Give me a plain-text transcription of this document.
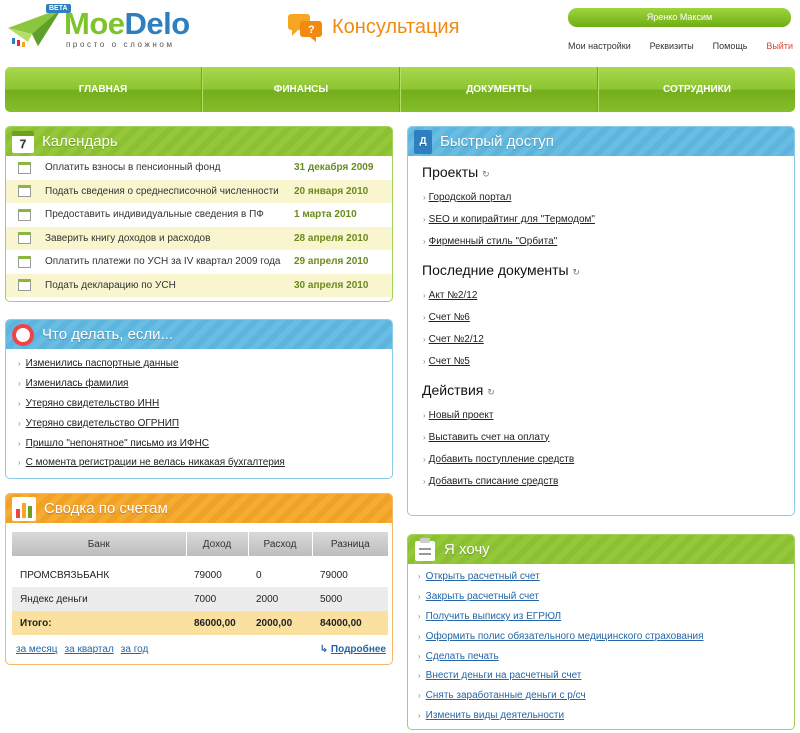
BETA
MoeDelo
просто о сложном
? Консультация	Яренко Максим
Мои настройки Реквизиты Помощь Выйти
ГЛАВНАЯ	ФИНАНСЫ	ДОКУМЕНТЫ	СОТРУДНИКИ
7	Календарь
Оплатить взносы в пенсионный фонд	31 декабря 2009
Подать сведения о среднесписочной численности	20 января 2010
Предоставить индивидуальные сведения в ПФ	1 марта 2010
Заверить книгу доходов и расходов	28 апреля 2010
Оплатить платежи по УСН за IV квартал 2009 года	29 апреля 2010
Подать декларацию по УСН	30 апреля 2010
Что делать, если...
› Изменились паспортные данные
› Изменилась фамилия
› Утеряно свидетельство ИНН
› Утеряно свидетельство ОГРНИП
› Пришло "непонятное" письмо из ИФНС
› С момента регистрации не велась никакая бухгалтерия
Сводка по счетам
Банк	Доход	Расход	Разница

ПРОМСВЯЗЬБАНК	79000	0	79000
Яндекс деньги	7000	2000	5000
Итого:	86000,00	2000,00	84000,00
за месяц за квартал за год	↳ Подробнее
Д Быстрый доступ
Проекты ↻
› Городской портал
› SEO и копирайтинг для "Термодом"
› Фирменный стиль "Орбита"
Последние документы ↻
› Акт №2/12
› Счет №6
› Счет №2/12
› Счет №5
Действия ↻
› Новый проект
› Выставить счет на оплату
› Добавить поступление средств
› Добавить списание средств
Я хочу
› Открыть расчетный счет
› Закрыть расчетный счет
› Получить выписку из ЕГРЮЛ
› Оформить полис обязательного медицинского страхования
› Сделать печать
› Внести деньги на расчетный счет
› Снять заработанные деньги с р/сч
› Изменить виды деятельности
